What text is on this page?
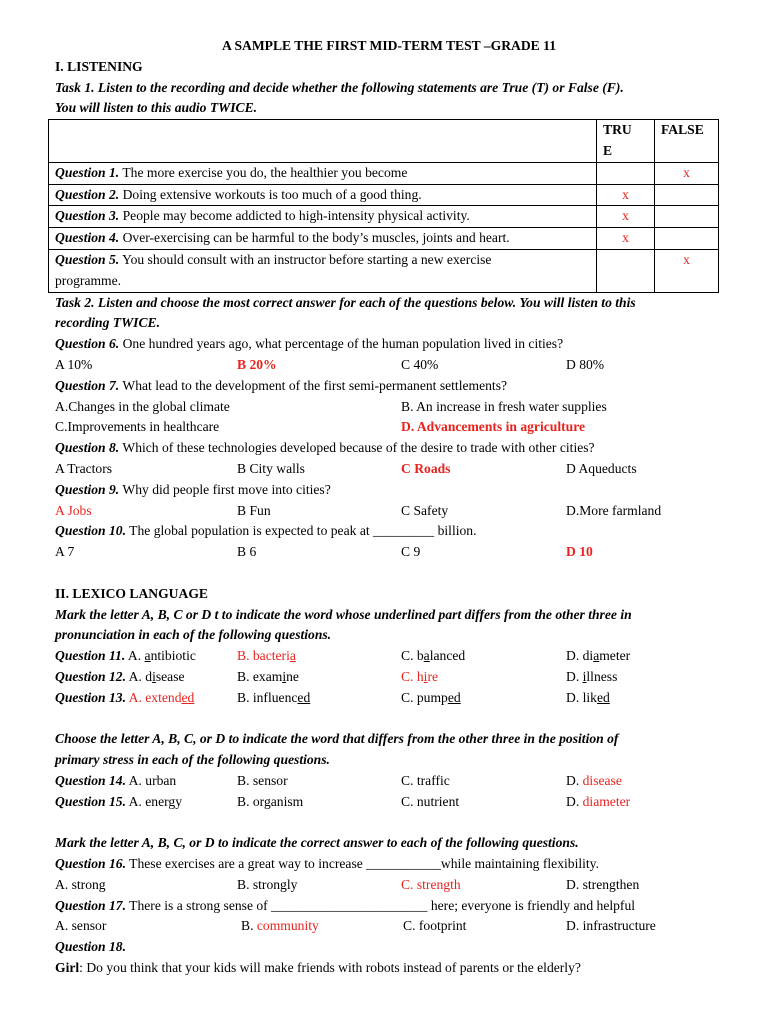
A SAMPLE THE FIRST MID-TERM TEST –GRADE 11
I. LISTENING
Task 1. Listen to the recording and decide whether the following statements are True (T) or False (F).
You will listen to this audio TWICE.
	TRU
E	FALSE
Question 1. The more exercise you do, the healthier you become		x
Question 2. Doing extensive workouts is too much of a good thing.	x	
Question 3. People may become addicted to high-intensity physical activity.	x	
Question 4. Over-exercising can be harmful to the body’s muscles, joints and heart.	x	
Question 5. You should consult with an instructor before starting a new exercise
programme.		x
Task 2. Listen and choose the most correct answer for each of the questions below. You will listen to this
recording TWICE.
Question 6. One hundred years ago, what percentage of the human population lived in cities?
A 10%	B 20%	C 40%	D 80%
Question 7. What lead to the development of the first semi-permanent settlements?
A.Changes in the global climate	B. An increase in fresh water supplies
C.Improvements in healthcare	D. Advancements in agriculture
Question 8. Which of these technologies developed because of the desire to trade with other cities?
A Tractors	B City walls	C Roads	D Aqueducts
Question 9. Why did people first move into cities?
A Jobs	B Fun	C Safety	D.More farmland
Question 10. The global population is expected to peak at _________ billion.
A 7	B 6	C 9	D 10
II. LEXICO LANGUAGE
Mark the letter A, B, C or D t to indicate the word whose underlined part differs from the other three in
pronunciation in each of the following questions.
Question 11. A. antibiotic	B. bacteria	C. balanced	D. diameter
Question 12. A. disease	B. examine	C. hire	D. illness
Question 13. A. extended	B. influenced	C. pumped	D. liked
Choose the letter A, B, C, or D to indicate the word that differs from the other three in the position of
primary stress in each of the following questions.
Question 14. A. urban	B. sensor	C. traffic	D. disease
Question 15. A. energy	B. organism	C. nutrient	D. diameter
Mark the letter A, B, C, or D to indicate the correct answer to each of the following questions.
Question 16. These exercises are a great way to increase ___________while maintaining flexibility.
A. strong	B. strongly	C. strength	D. strengthen
Question 17. There is a strong sense of _______________________ here; everyone is friendly and helpful
A. sensor	B. community	C. footprint	D. infrastructure
Question 18.
Girl: Do you think that your kids will make friends with robots instead of parents or the elderly?
